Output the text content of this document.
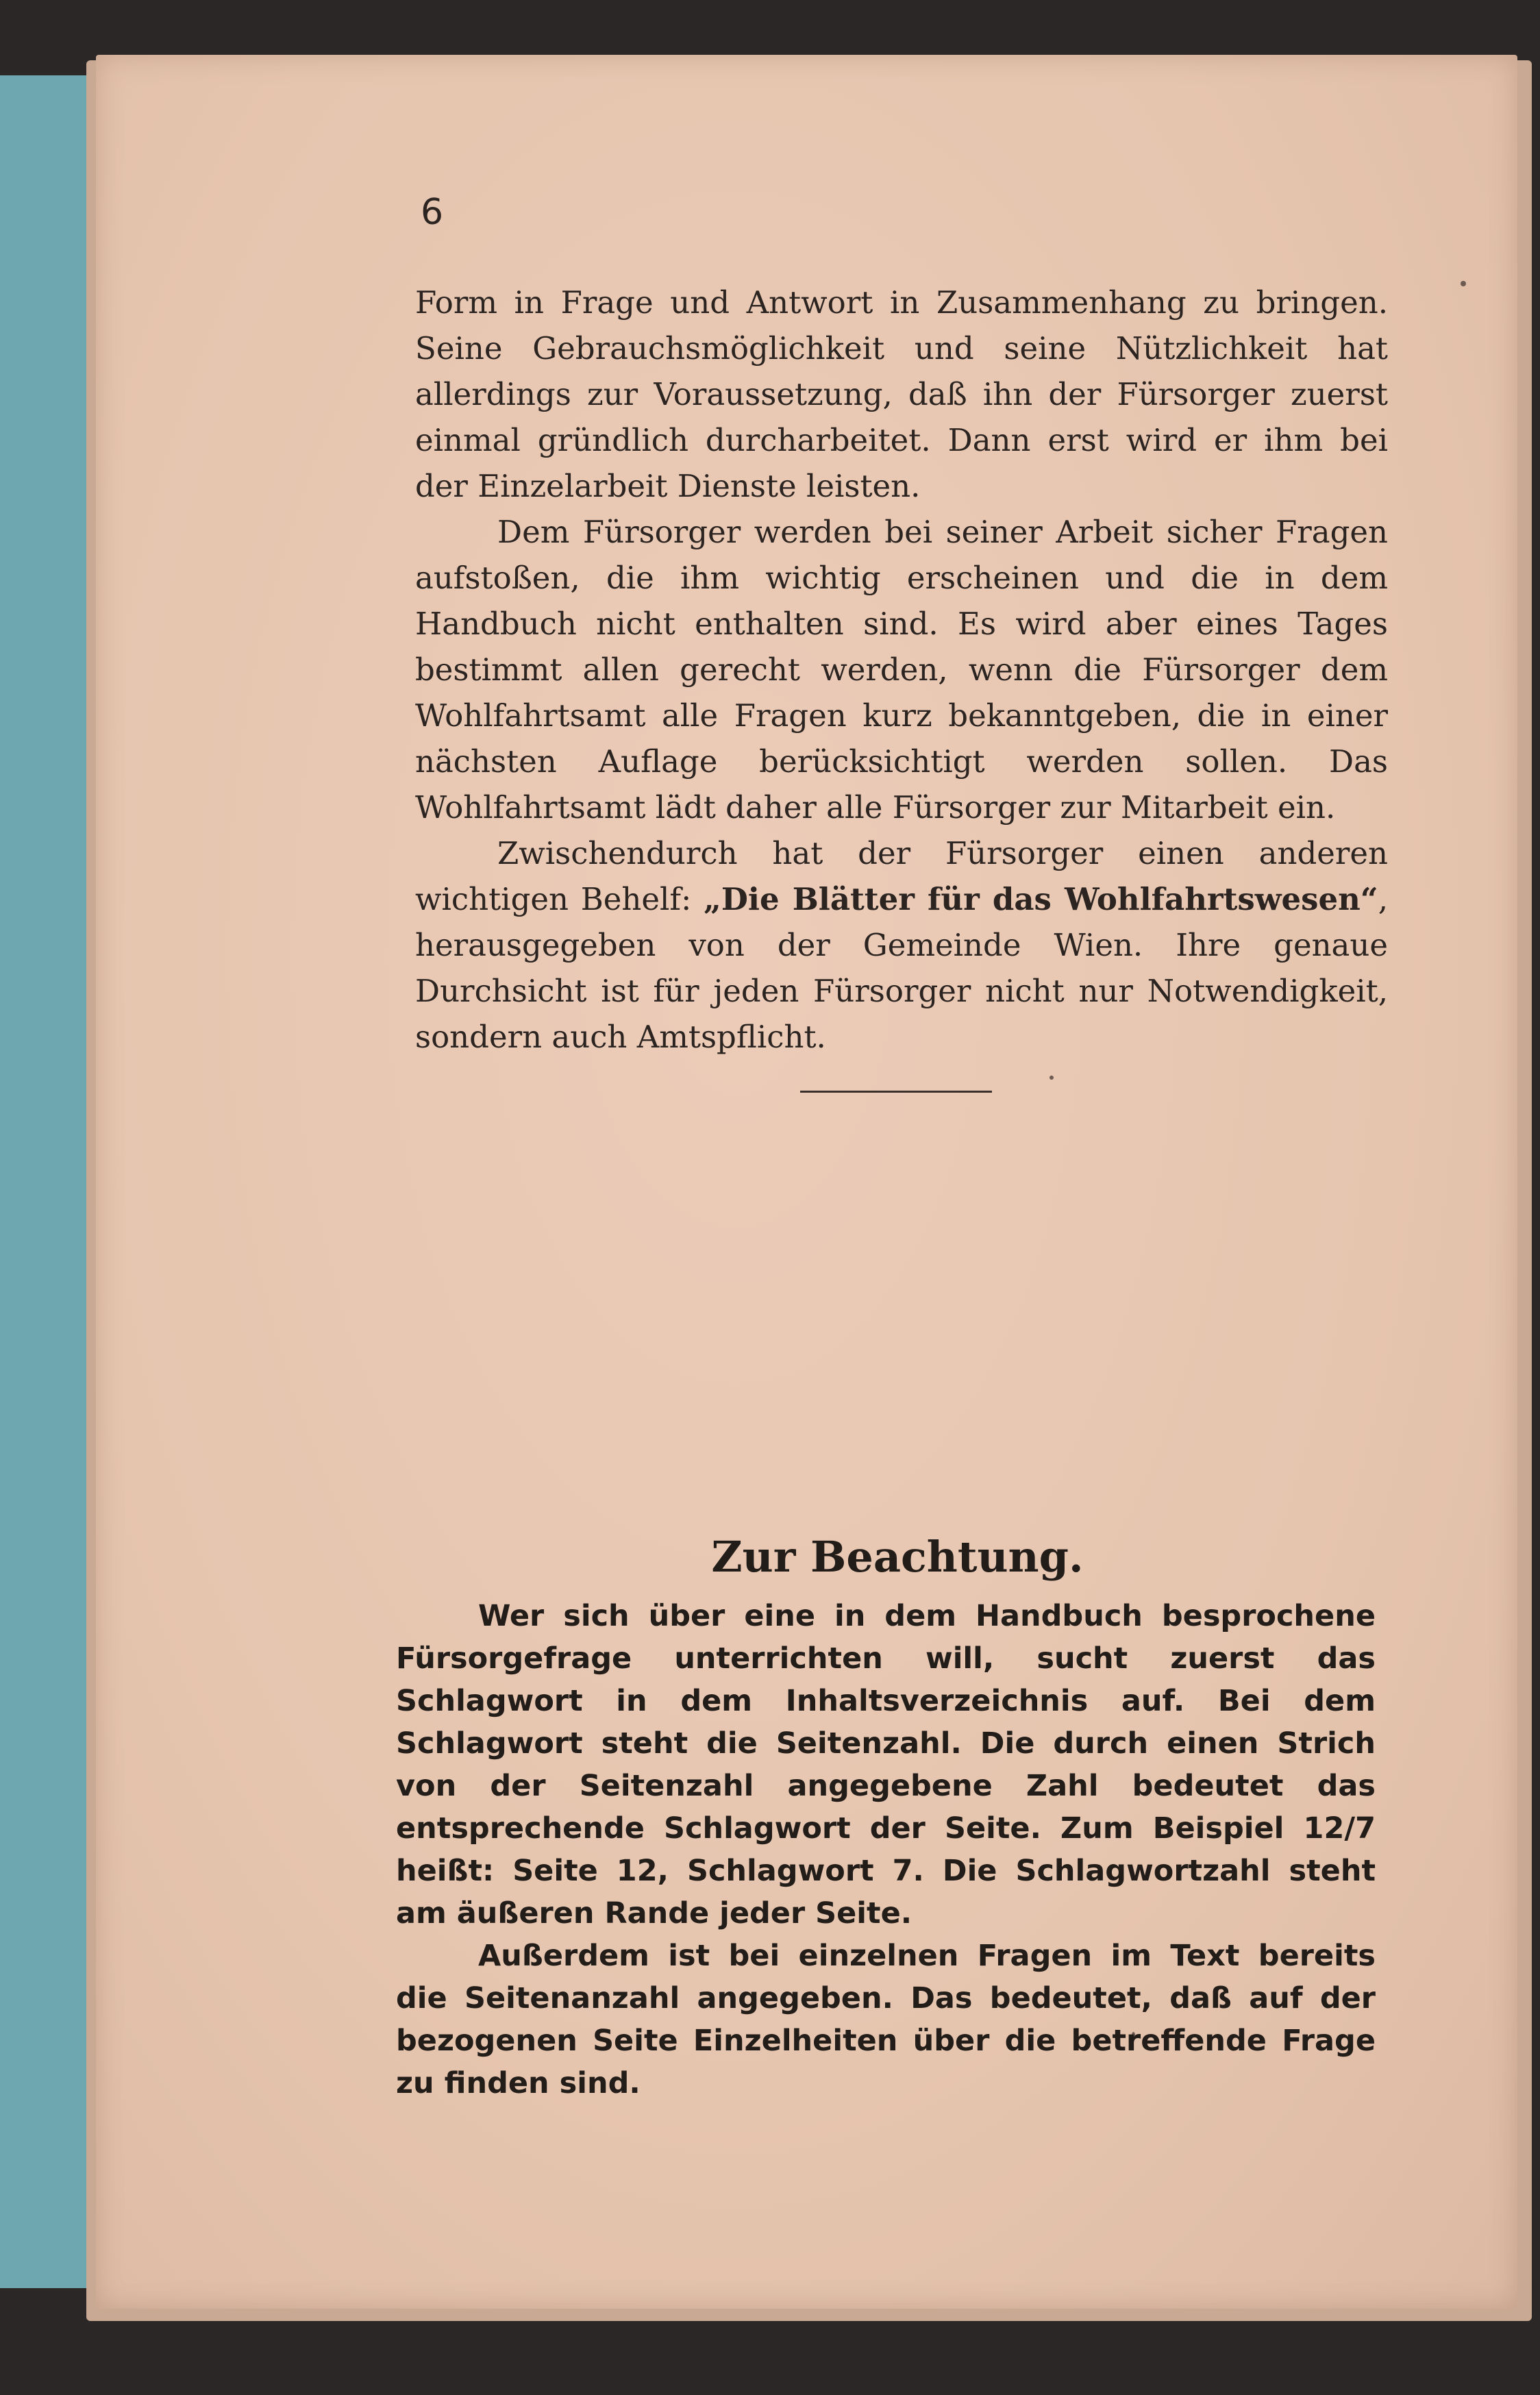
6

Form in Frage und Antwort in Zusammenhang zu bringen. Seine Gebrauchsmöglichkeit und seine Nützlichkeit hat allerdings zur Voraussetzung, daß ihn der Fürsorger zuerst einmal gründlich durcharbeitet. Dann erst wird er ihm bei der Einzelarbeit Dienste leisten.

Dem Fürsorger werden bei seiner Arbeit sicher Fragen aufstoßen, die ihm wichtig erscheinen und die in dem Handbuch nicht enthalten sind. Es wird aber eines Tages bestimmt allen gerecht werden, wenn die Fürsorger dem Wohlfahrtsamt alle Fragen kurz bekanntgeben, die in einer nächsten Auflage berücksichtigt werden sollen. Das Wohlfahrtsamt lädt daher alle Fürsorger zur Mitarbeit ein.

Zwischendurch hat der Fürsorger einen anderen wichtigen Behelf: „Die Blätter für das Wohlfahrtswesen“, herausgegeben von der Gemeinde Wien. Ihre genaue Durchsicht ist für jeden Fürsorger nicht nur Notwendigkeit, sondern auch Amtspflicht.

Zur Beachtung.

Wer sich über eine in dem Handbuch besprochene Fürsorgefrage unterrichten will, sucht zuerst das Schlagwort in dem Inhaltsverzeichnis auf. Bei dem Schlagwort steht die Seitenzahl. Die durch einen Strich von der Seitenzahl angegebene Zahl bedeutet das entsprechende Schlagwort der Seite. Zum Beispiel 12/7 heißt: Seite 12, Schlagwort 7. Die Schlagwortzahl steht am äußeren Rande jeder Seite.

Außerdem ist bei einzelnen Fragen im Text bereits die Seitenanzahl angegeben. Das bedeutet, daß auf der bezogenen Seite Einzelheiten über die betreffende Frage zu finden sind.
